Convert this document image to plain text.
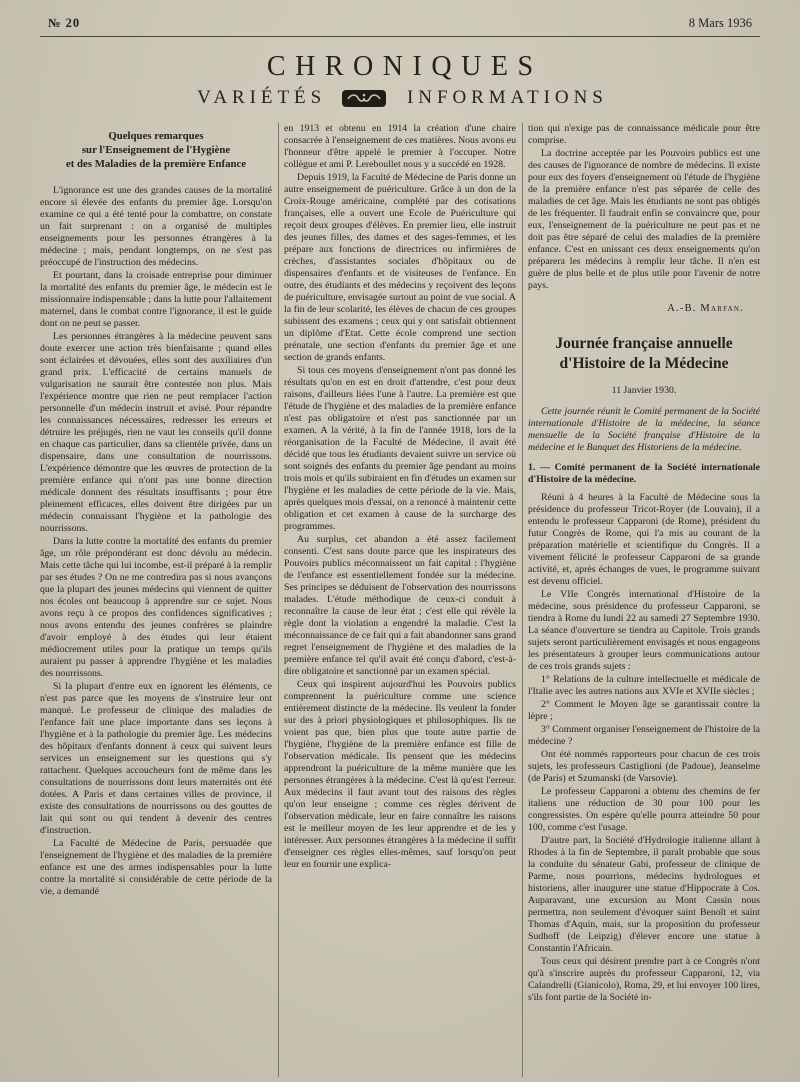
№ 20	8 Mars 1936
CHRONIQUES
VARIÉTÉS	INFORMATIONS
Quelques remarques
sur l'Enseignement de l'Hygiène
et des Maladies de la première Enfance

L'ignorance est une des grandes causes de la mortalité encore si élevée des enfants du premier âge. Lorsqu'on examine ce qui a été tenté pour la combattre, on constate un fait surprenant : on a organisé de multiples enseignements pour les personnes étrangères à la médecine ; mais, pendant longtemps, on ne s'est pas préoccupé de l'instruction des médecins.

Et pourtant, dans la croisade entreprise pour diminuer la mortalité des enfants du premier âge, le médecin est le missionnaire indispensable ; dans la lutte pour l'allaitement maternel, dans le combat contre l'ignorance, il est le guide dont on ne peut se passer.

Les personnes étrangères à la médecine peuvent sans doute exercer une action très bienfaisante ; quand elles sont éclairées et dévouées, elles sont des auxiliaires d'un grand prix. L'efficacité de certains manuels de vulgarisation ne saurait être contestée non plus. Mais l'expérience montre que rien ne peut remplacer l'action personnelle d'un médecin instruit et avisé. Pour répandre les connaissances nécessaires, redresser les erreurs et détruire les préjugés, rien ne vaut les conseils qu'il donne en chaque cas particulier, dans sa clientèle privée, dans un dispensaire, dans une consultation de nourrissons. L'expérience démontre que les œuvres de protection de la première enfance qui n'ont pas une bonne direction médicale donnent des résultats insuffisants ; pour être pleinement efficaces, elles doivent être dirigées par un médecin connaissant l'hygiène et la pathologie des nourrissons.

Dans la lutte contre la mortalité des enfants du premier âge, un rôle prépondérant est donc dévolu au médecin. Mais cette tâche qui lui incombe, est-il préparé à la remplir par ses études ? On ne me contredira pas si nous avançons que la plupart des jeunes médecins qui viennent de quitter nos écoles ont beaucoup à apprendre sur ce sujet. Nous avons reçu à ce propos des confidences significatives ; nous avons entendu des jeunes confrères se plaindre d'avoir employé à des études qui leur étaient médiocrement utiles pour la pratique un temps qu'ils auraient pu passer à apprendre l'hygiène et les maladies des nourrissons.

Si la plupart d'entre eux en ignorent les éléments, ce n'est pas parce que les moyens de s'instruire leur ont manqué. Le professeur de clinique des maladies de l'enfance fait une place importante dans ses leçons à l'hygiène et à la pathologie du premier âge. Les médecins des hôpitaux d'enfants donnent à ceux qui suivent leurs services un enseignement sur les questions qui s'y rattachent. Quelques accoucheurs font de même dans les consultations de nourrissons dont leurs maternités ont été dotées. A Paris et dans certaines villes de province, il existe des consultations de nourrissons ou des gouttes de lait qui sont ou qui tendent à devenir des centres d'instruction.

La Faculté de Médecine de Paris, persuadée que l'enseignement de l'hygiène et des maladies de la première enfance est une des armes indispensables pour la lutte contre la mortalité si considérable de cette période de la vie, a demandé

en 1913 et obtenu en 1914 la création d'une chaire consacrée à l'enseignement de ces matières. Nous avons eu l'honneur d'être appelé le premier à l'occuper. Notre collègue et ami P. Lereboullet nous y a succédé en 1928.

Depuis 1919, la Faculté de Médecine de Paris donne un autre enseignement de puériculture. Grâce à un don de la Croix-Rouge américaine, complété par des cotisations françaises, elle a ouvert une Ecole de Puériculture qui reçoit deux groupes d'élèves. En premier lieu, elle instruit des jeunes filles, des dames et des sages-femmes, et les prépare aux fonctions de directrices ou infirmières de crèches, d'assistantes sociales d'hôpitaux ou de dispensaires d'enfants et de visiteuses de l'enfance. En outre, des étudiants et des médecins y reçoivent des leçons de puériculture, envisagée surtout au point de vue social. A la fin de leur scolarité, les élèves de chacun de ces groupes subissent des examens ; ceux qui y ont satisfait obtiennent un diplôme d'Etat. Cette école comprend une section prénatale, une section d'enfants du premier âge et une section de grands enfants.

Si tous ces moyens d'enseignement n'ont pas donné les résultats qu'on en est en droit d'attendre, c'est pour deux raisons, d'ailleurs liées l'une à l'autre. La première est que l'étude de l'hygiène et des maladies de la première enfance n'est pas obligatoire et n'est pas sanctionnée par un examen. A la vérité, à la fin de l'année 1918, lors de la réorganisation de la Faculté de Médecine, il avait été décidé que tous les étudiants devaient suivre un service où sont soignés des enfants du premier âge pendant au moins trois mois et qu'ils subiraient en fin d'études un examen sur l'hygiène et les maladies de cette période de la vie. Mais, après quelques mois d'essai, on a renoncé à maintenir cette obligation et cet examen à cause de la surcharge des programmes.

Au surplus, cet abandon a été assez facilement consenti. C'est sans doute parce que les inspirateurs des Pouvoirs publics méconnaissent un fait capital : l'hygiène de l'enfance est essentiellement fondée sur la médecine. Ses principes se déduisent de l'observation des nourrissons malades. L'étude méthodique de ceux-ci conduit à reconnaître la cause de leur état ; c'est elle qui révèle la règle dont la violation a engendré la maladie. C'est la méconnaissance de ce fait qui a fait abandonner sans grand regret l'enseignement de l'hygiène et des maladies de la première enfance tel qu'il avait été conçu d'abord, c'est-à-dire obligatoire et sanctionné par un examen spécial.

Ceux qui inspirent aujourd'hui les Pouvoirs publics comprennent la puériculture comme une science entièrement distincte de la médecine. Ils veulent la fonder sur des à priori physiologiques et philosophiques. Ils ne voient pas que, bien plus que toute autre partie de l'hygiène, l'hygiène de la première enfance est fille de l'observation médicale. Ils pensent que les médecins apprendront la puériculture de la même manière que les personnes étrangères à la médecine. C'est là qu'est l'erreur. Aux médecins il faut avant tout des raisons des règles qu'on leur enseigne ; comme ces règles dérivent de l'observation médicale, leur en faire connaître les raisons est le meilleur moyen de les leur apprendre et de les y intéresser. Aux personnes étrangères à la médecine il suffit d'enseigner ces règles elles-mêmes, sauf lorsqu'on peut leur en fournir une explica-

tion qui n'exige pas de connaissance médicale pour être comprise.

La doctrine acceptée par les Pouvoirs publics est une des causes de l'ignorance de nombre de médecins. Il existe pour eux des foyers d'enseignement où l'étude de l'hygiène de la première enfance n'est pas séparée de celle des maladies de cet âge. Mais les étudiants ne sont pas obligés de les fréquenter. Il faudrait enfin se convaincre que, pour eux, l'enseignement de la puériculture ne peut pas et ne doit pas être séparé de celui des maladies de la première enfance. C'est en unissant ces deux enseignements qu'on préparera les médecins à remplir leur tâche. Il n'en est guère de plus belle et de plus utile pour l'avenir de notre pays.

A.-B. Marfan.
Journée française annuelle
d'Histoire de la Médecine
11 Janvier 1930.

Cette journée réunit le Comité permanent de la Société internationale d'Histoire de la médecine, la séance mensuelle de la Société française d'Histoire de la médecine et le Banquet des Historiens de la médecine.

1. — Comité permanent de la Société internationale d'Histoire de la médecine.

Réuni à 4 heures à la Faculté de Médecine sous la présidence du professeur Tricot-Royer (de Louvain), il a entendu le professeur Capparoni (de Rome), président du futur Congrès de Rome, qui l'a mis au courant de la préparation matérielle et scientifique du Congrès. Il a vivement félicité le professeur Capparoni de sa grande activité, et, après échanges de vues, le programme suivant est devenu officiel.

Le VIIe Congrès international d'Histoire de la médecine, sous présidence du professeur Capparoni, se tiendra à Rome du lundi 22 au samedi 27 Septembre 1930. La séance d'ouverture se tiendra au Capitole. Trois grands sujets seront particulièrement envisagés et nous engageons les présentateurs à grouper leurs communications autour de ces trois grands sujets :

1° Relations de la culture intellectuelle et médicale de l'Italie avec les autres nations aux XVIe et XVIIe siècles ;

2° Comment le Moyen âge se garantissait contre la lèpre ;

3° Comment organiser l'enseignement de l'histoire de la médecine ?

Ont été nommés rapporteurs pour chacun de ces trois sujets, les professeurs Castiglioni (de Padoue), Jeanselme (de Paris) et Szumanski (de Varsovie).

Le professeur Capparoni a obtenu des chemins de fer italiens une réduction de 30 pour 100 pour les congressistes. On espère qu'elle pourra atteindre 50 pour 100, comme c'est l'usage.

D'autre part, la Société d'Hydrologie italienne allant à Rhodes à la fin de Septembre, il paraît probable que sous la conduite du sénateur Gabi, professeur de clinique de Parme, nous pourrions, médecins hydrologues et historiens, aller inaugurer une statue d'Hippocrate à Cos. Auparavant, une excursion au Mont Cassin nous permettra, non seulement d'évoquer saint Benoît et saint Thomas d'Aquin, mais, sur la proposition du professeur Sudhoff (de Leipzig) d'élever encore une statue à Constantin l'Africain.

Tous ceux qui désirent prendre part à ce Congrès n'ont qu'à s'inscrire auprès du professeur Capparoni, 12, via Calandrelli (Gianicolo), Roma, 29, et lui envoyer 100 lires, s'ils font partie de la Société in-
